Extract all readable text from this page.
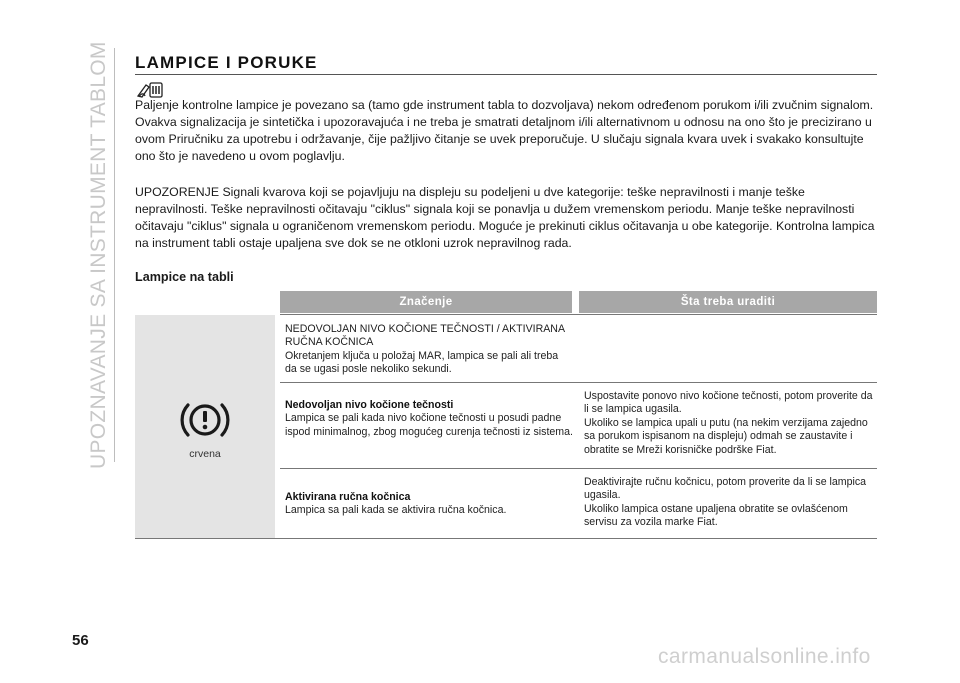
UPOZNAVANJE SA INSTRUMENT TABLOM LAMPICE I PORUKE

Paljenje kontrolne lampice je povezano sa (tamo gde instrument tabla to dozvoljava) nekom određenom porukom i/ili zvučnim signalom. Ovakva signalizacija je sintetička i upozoravajuća i ne treba je smatrati detaljnom i/ili alternativnom u odnosu na ono što je precizirano u ovom Priručniku za upotrebu i održavanje, čije pažljivo čitanje se uvek preporučuje. U slučaju signala kvara uvek i svakako konsultujte ono što je navedeno u ovom poglavlju.

UPOZORENJE Signali kvarova koji se pojavljuju na displeju su podeljeni u dve kategorije: teške nepravilnosti i manje teške nepravilnosti. Teške nepravilnosti očitavaju "ciklus" signala koji se ponavlja u dužem vremenskom periodu. Manje teške nepravilnosti očitavaju "ciklus" signala u ograničenom vremenskom periodu. Moguće je prekinuti ciklus očitavanja u obe kategorije. Kontrolna lampica na instrument tabli ostaje upaljena sve dok se ne otkloni uzrok nepravilnog rada.

Lampice na tabli
Značenje	Šta treba uraditi
crvena

NEDOVOLJAN NIVO KOČIONE TEČNOSTI / AKTIVIRANA RUČNA KOČNICA
Okretanjem ključa u položaj MAR, lampica se pali ali treba da se ugasi posle nekoliko sekundi.

Nedovoljan nivo kočione tečnosti
Lampica se pali kada nivo kočione tečnosti u posudi padne ispod minimalnog, zbog mogućeg curenja tečnosti iz sistema.

Uspostavite ponovo nivo kočione tečnosti, potom proverite da li se lampica ugasila.
Ukoliko se lampica upali u putu (na nekim verzijama zajedno sa porukom ispisanom na displeju) odmah se zaustavite i obratite se Mreži korisničke podrške Fiat.

Aktivirana ručna kočnica
Lampica sa pali kada se aktivira ručna kočnica.

Deaktivirajte ručnu kočnicu, potom proverite da li se lampica ugasila.
Ukoliko lampica ostane upaljena obratite se ovlašćenom servisu za vozila marke Fiat.

56
carmanualsonline.info
